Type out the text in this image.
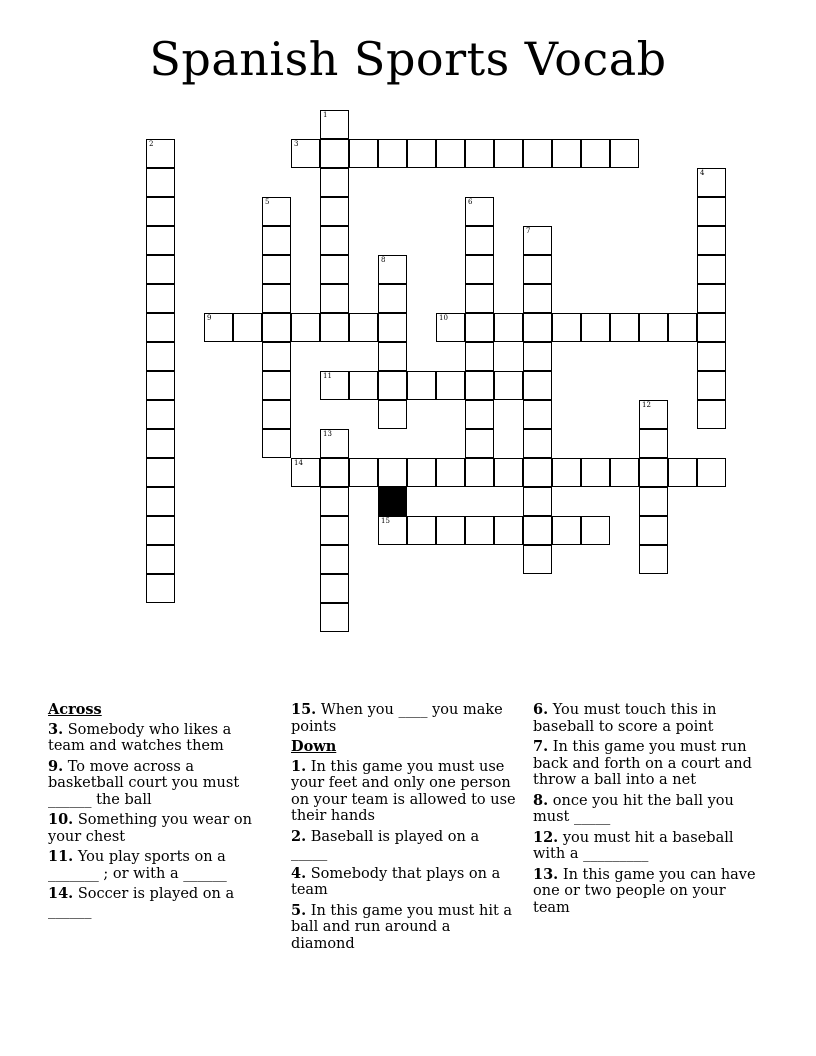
Spanish Sports Vocab
1
2	3
4
5	6
7
8
9	10
11
12
13
14
15
Across
3. Somebody who likes a team and watches them
9. To move across a basketball court you must ______ the ball
10. Something you wear on your chest
11. You play sports on a _______ ; or with a ______
14. Soccer is played on a ______
15. When you ____ you make points
Down
1. In this game you must use your feet and only one person on your team is allowed to use their hands
2. Baseball is played on a _____
4. Somebody that plays on a team
5. In this game you must hit a ball and run around a diamond
6. You must touch this in baseball to score a point
7. In this game you must run back and forth on a court and throw a ball into a net
8. once you hit the ball you must _____
12. you must hit a baseball with a _________
13. In this game you can have one or two people on your team
